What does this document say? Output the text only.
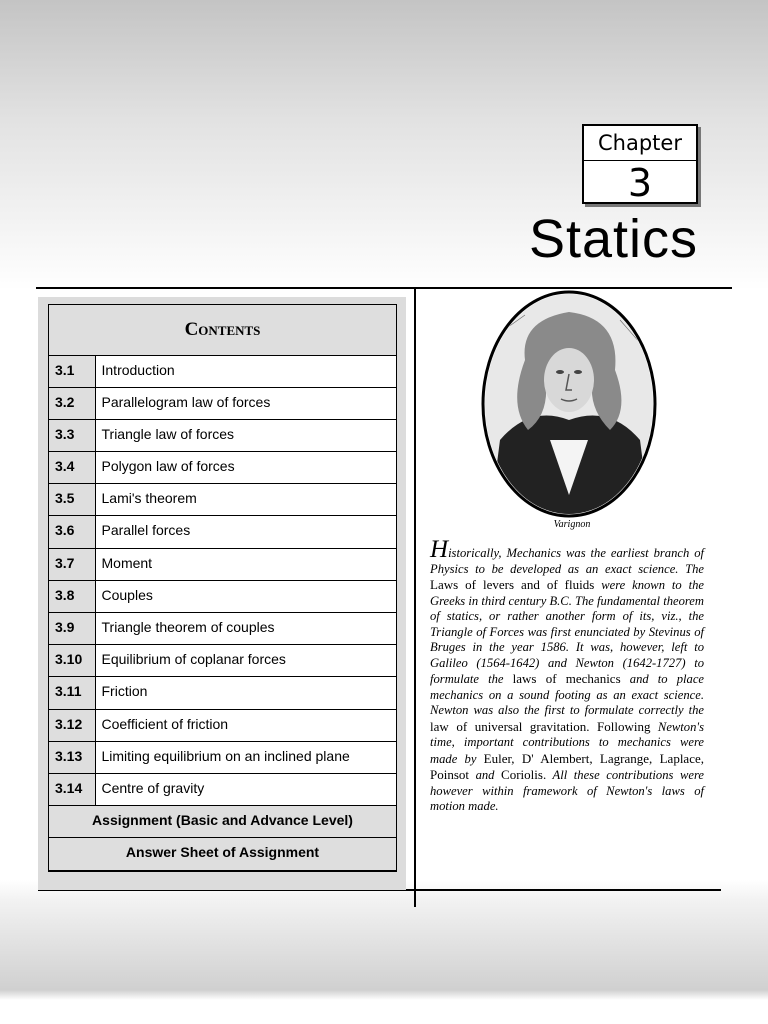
Chapter
3
Statics
Contents	
3.1	Introduction
3.2	Parallelogram law of forces
3.3	Triangle law of forces
3.4	Polygon law of forces
3.5	Lami's theorem
3.6	Parallel forces
3.7	Moment
3.8	Couples
3.9	Triangle theorem of couples
3.10	Equilibrium of coplanar forces
3.11	Friction
3.12	Coefficient of friction
3.13	Limiting equilibrium on an inclined plane
3.14	Centre of gravity
Assignment (Basic and Advance Level)	
Answer Sheet of Assignment	
Varignon
Historically, Mechanics was the earliest branch of Physics to be developed as an exact science. The Laws of levers and of fluids were known to the Greeks in third century B.C. The fundamental theorem of statics, or rather another form of its, viz., the Triangle of Forces was first enunciated by Stevinus of Bruges in the year 1586. It was, however, left to Galileo (1564-1642) and Newton (1642-1727) to formulate the laws of mechanics and to place mechanics on a sound footing as an exact science. Newton was also the first to formulate correctly the law of universal gravitation. Following Newton's time, important contributions to mechanics were made by Euler, D' Alembert, Lagrange, Laplace, Poinsot and Coriolis. All these contributions were however within framework of Newton's laws of motion made.
